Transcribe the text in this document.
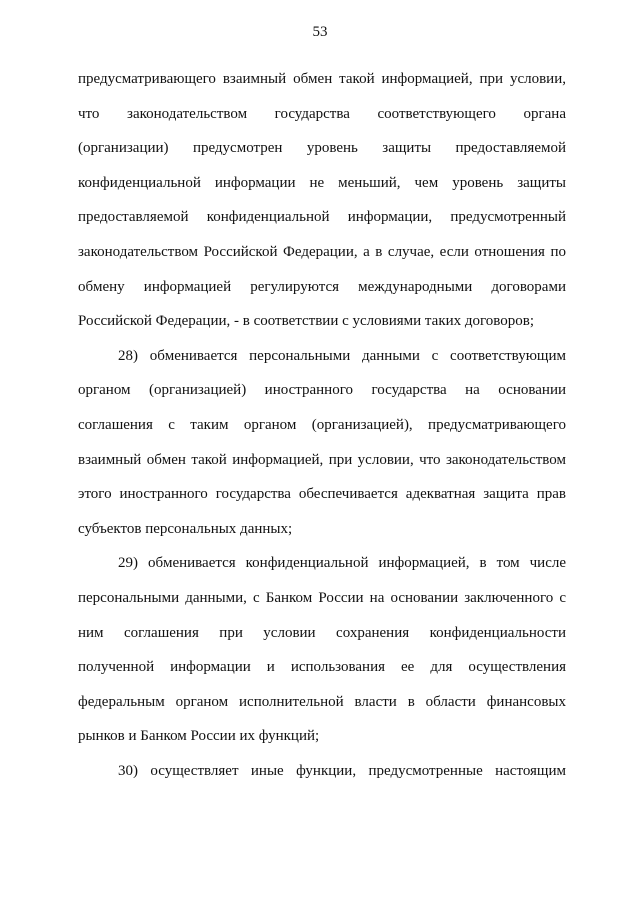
53
предусматривающего взаимный обмен такой информацией, при условии,
что законодательством государства соответствующего органа
(организации) предусмотрен уровень защиты предоставляемой
конфиденциальной информации не меньший, чем уровень защиты
предоставляемой конфиденциальной информации, предусмотренный
законодательством Российской Федерации, а в случае, если отношения по
обмену информацией регулируются международными договорами
Российской Федерации, - в соответствии с условиями таких договоров;
28) обменивается персональными данными с соответствующим
органом (организацией) иностранного государства на основании
соглашения с таким органом (организацией), предусматривающего
взаимный обмен такой информацией, при условии, что законодательством
этого иностранного государства обеспечивается адекватная защита прав
субъектов персональных данных;
29) обменивается конфиденциальной информацией, в том числе
персональными данными, с Банком России на основании заключенного с
ним соглашения при условии сохранения конфиденциальности
полученной информации и использования ее для осуществления
федеральным органом исполнительной власти в области финансовых
рынков и Банком России их функций;
30) осуществляет иные функции, предусмотренные настоящим
